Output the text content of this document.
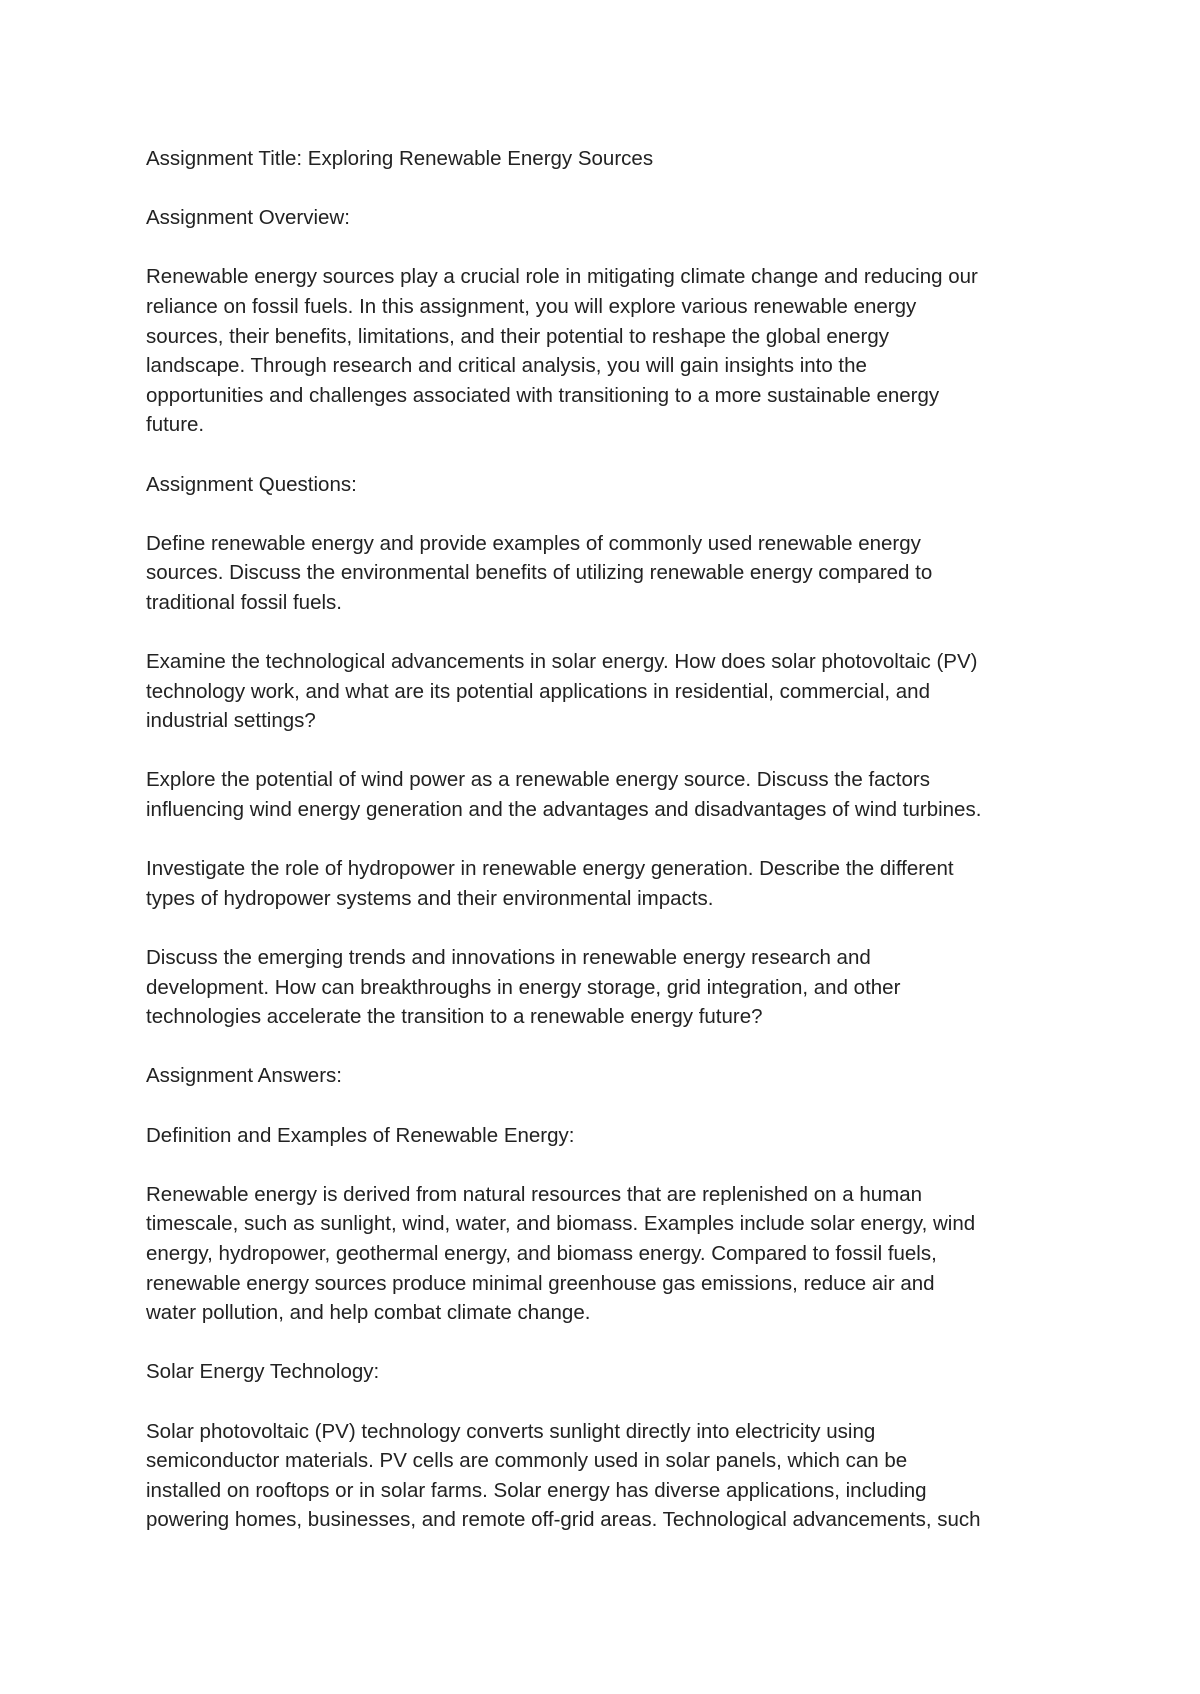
Assignment Title: Exploring Renewable Energy Sources

Assignment Overview:

Renewable energy sources play a crucial role in mitigating climate change and reducing our
reliance on fossil fuels. In this assignment, you will explore various renewable energy
sources, their benefits, limitations, and their potential to reshape the global energy
landscape. Through research and critical analysis, you will gain insights into the
opportunities and challenges associated with transitioning to a more sustainable energy
future.

Assignment Questions:

Define renewable energy and provide examples of commonly used renewable energy
sources. Discuss the environmental benefits of utilizing renewable energy compared to
traditional fossil fuels.

Examine the technological advancements in solar energy. How does solar photovoltaic (PV)
technology work, and what are its potential applications in residential, commercial, and
industrial settings?

Explore the potential of wind power as a renewable energy source. Discuss the factors
influencing wind energy generation and the advantages and disadvantages of wind turbines.

Investigate the role of hydropower in renewable energy generation. Describe the different
types of hydropower systems and their environmental impacts.

Discuss the emerging trends and innovations in renewable energy research and
development. How can breakthroughs in energy storage, grid integration, and other
technologies accelerate the transition to a renewable energy future?

Assignment Answers:

Definition and Examples of Renewable Energy:

Renewable energy is derived from natural resources that are replenished on a human
timescale, such as sunlight, wind, water, and biomass. Examples include solar energy, wind
energy, hydropower, geothermal energy, and biomass energy. Compared to fossil fuels,
renewable energy sources produce minimal greenhouse gas emissions, reduce air and
water pollution, and help combat climate change.

Solar Energy Technology:

Solar photovoltaic (PV) technology converts sunlight directly into electricity using
semiconductor materials. PV cells are commonly used in solar panels, which can be
installed on rooftops or in solar farms. Solar energy has diverse applications, including
powering homes, businesses, and remote off-grid areas. Technological advancements, such
